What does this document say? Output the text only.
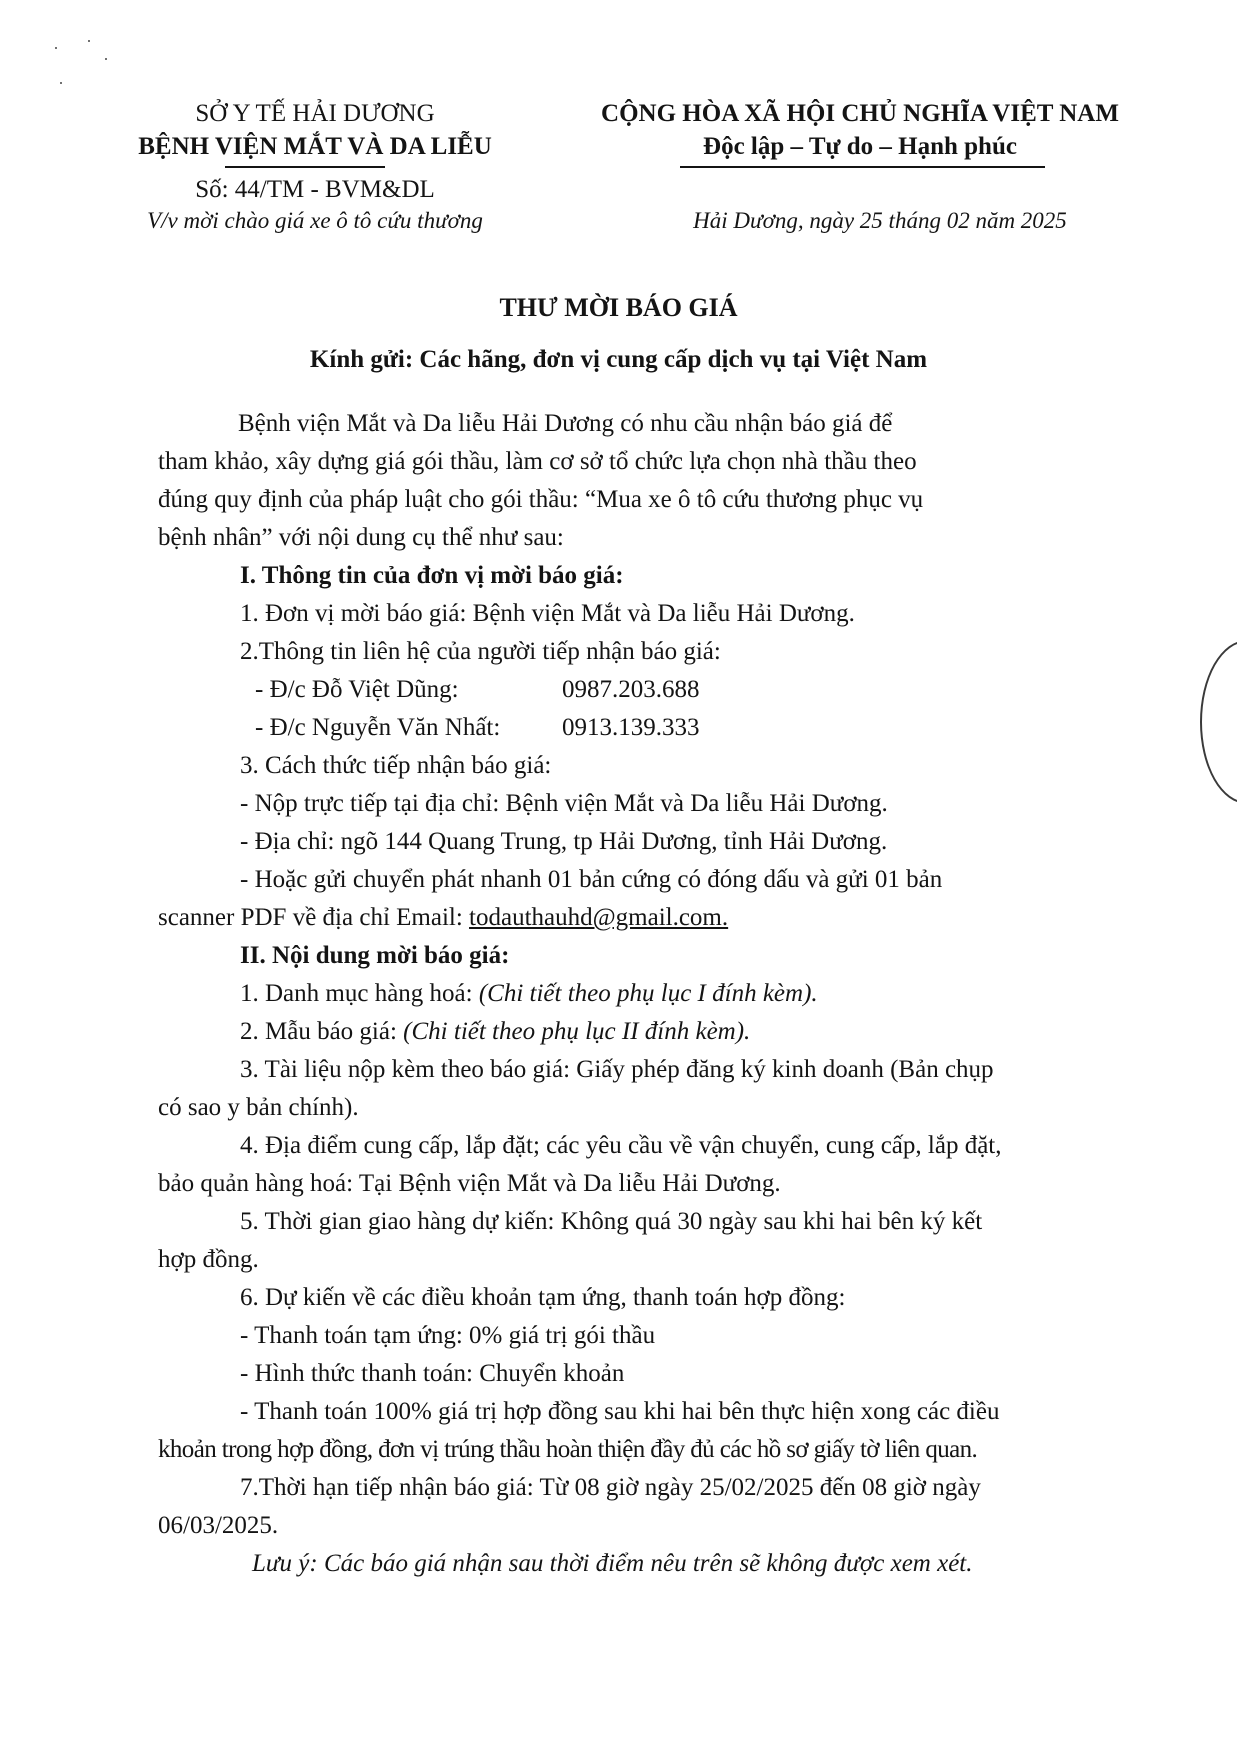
SỞ Y TẾ HẢI DƯƠNG
BỆNH VIỆN MẮT VÀ DA LIỄU
Số: 44/TM - BVM&DL
V/v mời chào giá xe ô tô cứu thương
CỘNG HÒA XÃ HỘI CHỦ NGHĨA VIỆT NAM
Độc lập – Tự do – Hạnh phúc
Hải Dương, ngày 25 tháng 02 năm 2025
THƯ MỜI BÁO GIÁ
Kính gửi: Các hãng, đơn vị cung cấp dịch vụ tại Việt Nam
Bệnh viện Mắt và Da liễu Hải Dương có nhu cầu nhận báo giá để
tham khảo, xây dựng giá gói thầu, làm cơ sở tổ chức lựa chọn nhà thầu theo
đúng quy định của pháp luật cho gói thầu: “Mua xe ô tô cứu thương phục vụ
bệnh nhân” với nội dung cụ thể như sau:
I. Thông tin của đơn vị mời báo giá:
1. Đơn vị mời báo giá: Bệnh viện Mắt và Da liễu Hải Dương.
2.Thông tin liên hệ của người tiếp nhận báo giá:
- Đ/c Đỗ Việt Dũng:	0987.203.688
- Đ/c Nguyễn Văn Nhất: 0913.139.333
3. Cách thức tiếp nhận báo giá:
- Nộp trực tiếp tại địa chỉ: Bệnh viện Mắt và Da liễu Hải Dương.
- Địa chỉ: ngõ 144 Quang Trung, tp Hải Dương, tỉnh Hải Dương.
- Hoặc gửi chuyển phát nhanh 01 bản cứng có đóng dấu và gửi 01 bản
scanner PDF về địa chỉ Email: todauthauhd@gmail.com.
II. Nội dung mời báo giá:
1. Danh mục hàng hoá: (Chi tiết theo phụ lục I đính kèm).
2. Mẫu báo giá: (Chi tiết theo phụ lục II đính kèm).
3. Tài liệu nộp kèm theo báo giá: Giấy phép đăng ký kinh doanh (Bản chụp
có sao y bản chính).
4. Địa điểm cung cấp, lắp đặt; các yêu cầu về vận chuyển, cung cấp, lắp đặt,
bảo quản hàng hoá: Tại Bệnh viện Mắt và Da liễu Hải Dương.
5. Thời gian giao hàng dự kiến: Không quá 30 ngày sau khi hai bên ký kết
hợp đồng.
6. Dự kiến về các điều khoản tạm ứng, thanh toán hợp đồng:
- Thanh toán tạm ứng: 0% giá trị gói thầu
- Hình thức thanh toán: Chuyển khoản
- Thanh toán 100% giá trị hợp đồng sau khi hai bên thực hiện xong các điều
khoản trong hợp đồng, đơn vị trúng thầu hoàn thiện đầy đủ các hồ sơ giấy tờ liên quan.
7.Thời hạn tiếp nhận báo giá: Từ 08 giờ ngày 25/02/2025 đến 08 giờ ngày
06/03/2025.
Lưu ý: Các báo giá nhận sau thời điểm nêu trên sẽ không được xem xét.
